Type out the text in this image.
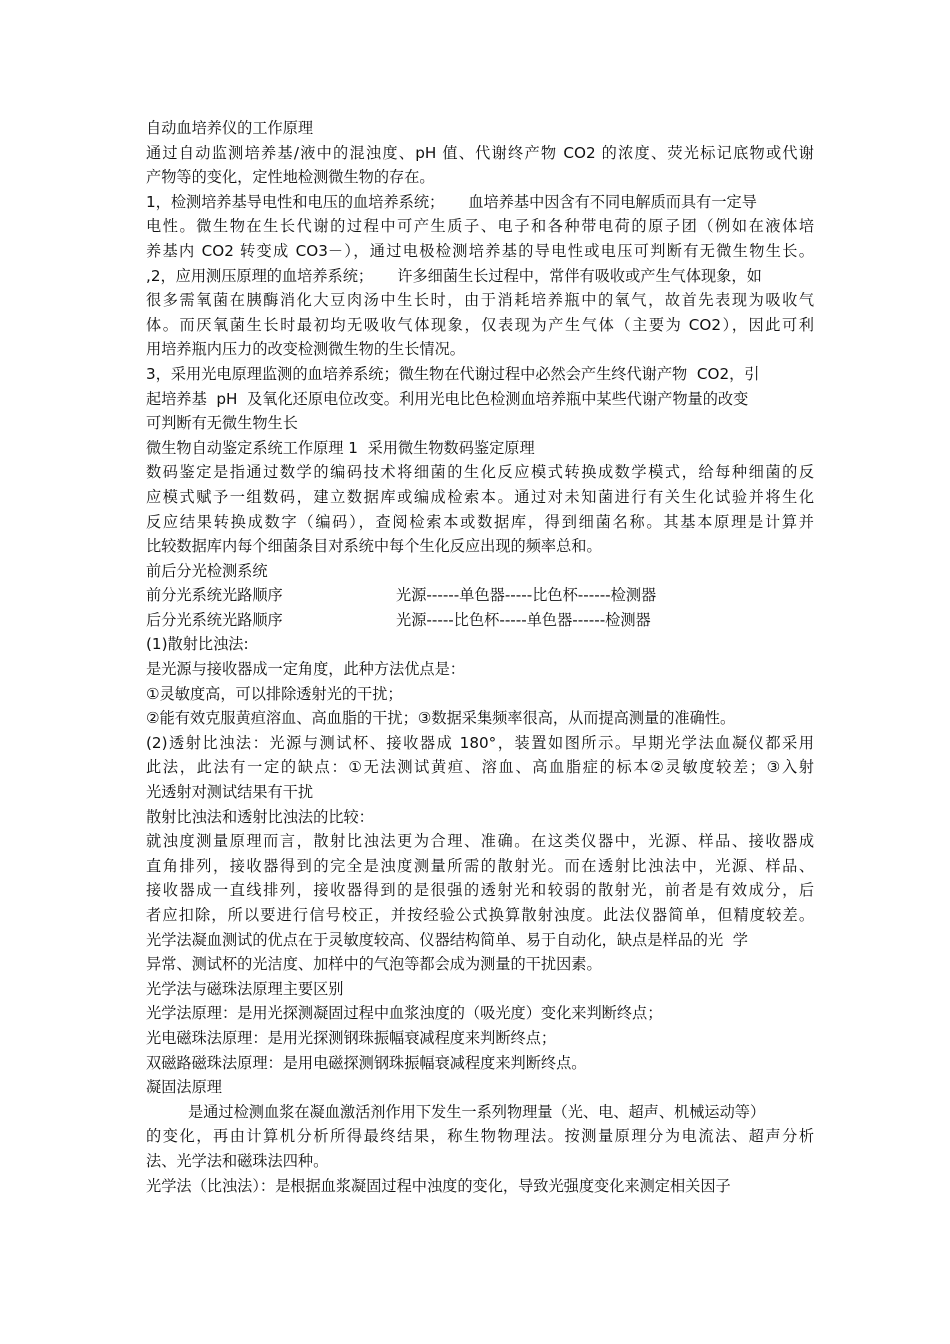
自动血培养仪的工作原理
通过自动监测培养基/液中的混浊度、pH 值、代谢终产物 CO2 的浓度、荧光标记底物或代谢
产物等的变化，定性地检测微生物的存在。
1，检测培养基导电性和电压的血培养系统；     血培养基中因含有不同电解质而具有一定导
电性。微生物在生长代谢的过程中可产生质子、电子和各种带电荷的原子团（例如在液体培
养基内 CO2 转变成 CO3－），通过电极检测培养基的导电性或电压可判断有无微生物生长。
,2，应用测压原理的血培养系统；     许多细菌生长过程中，常伴有吸收或产生气体现象，如
很多需氧菌在胰酶消化大豆肉汤中生长时，由于消耗培养瓶中的氧气，故首先表现为吸收气
体。而厌氧菌生长时最初均无吸收气体现象，仅表现为产生气体（主要为 CO2），因此可利
用培养瓶内压力的改变检测微生物的生长情况。
3，采用光电原理监测的血培养系统；微生物在代谢过程中必然会产生终代谢产物  CO2，引
起培养基  pH  及氧化还原电位改变。利用光电比色检测血培养瓶中某些代谢产物量的改变
可判断有无微生物生长
微生物自动鉴定系统工作原理 1  采用微生物数码鉴定原理
数码鉴定是指通过数学的编码技术将细菌的生化反应模式转换成数学模式，给每种细菌的反
应模式赋予一组数码，建立数据库或编成检索本。通过对未知菌进行有关生化试验并将生化
反应结果转换成数字（编码），查阅检索本或数据库，得到细菌名称。其基本原理是计算并
比较数据库内每个细菌条目对系统中每个生化反应出现的频率总和。
前后分光检测系统
前分光系统光路顺序	光源------单色器-----比色杯------检测器
后分光系统光路顺序	光源-----比色杯-----单色器------检测器
(1)散射比浊法:
是光源与接收器成一定角度，此种方法优点是：
①灵敏度高，可以排除透射光的干扰；
②能有效克服黄疸溶血、高血脂的干扰；③数据采集频率很高，从而提高测量的准确性。
(2)透射比浊法：光源与测试杯、接收器成 180°，装置如图所示。早期光学法血凝仪都采用
此法，此法有一定的缺点：①无法测试黄疸、溶血、高血脂症的标本②灵敏度较差；③入射
光透射对测试结果有干扰
散射比浊法和透射比浊法的比较：
就浊度测量原理而言，散射比浊法更为合理、准确。在这类仪器中，光源、样品、接收器成
直角排列，接收器得到的完全是浊度测量所需的散射光。而在透射比浊法中，光源、样品、
接收器成一直线排列，接收器得到的是很强的透射光和较弱的散射光，前者是有效成分，后
者应扣除，所以要进行信号校正，并按经验公式换算散射浊度。此法仪器简单，但精度较差。
光学法凝血测试的优点在于灵敏度较高、仪器结构简单、易于自动化，缺点是样品的光  学
异常、测试杯的光洁度、加样中的气泡等都会成为测量的干扰因素。
光学法与磁珠法原理主要区别
光学法原理：是用光探测凝固过程中血浆浊度的（吸光度）变化来判断终点；
光电磁珠法原理：是用光探测钢珠振幅衰减程度来判断终点；
双磁路磁珠法原理：是用电磁探测钢珠振幅衰减程度来判断终点。
凝固法原理
是通过检测血浆在凝血激活剂作用下发生一系列物理量（光、电、超声、机械运动等）
的变化，再由计算机分析所得最终结果，称生物物理法。按测量原理分为电流法、超声分析
法、光学法和磁珠法四种。
光学法（比浊法）：是根据血浆凝固过程中浊度的变化，导致光强度变化来测定相关因子
